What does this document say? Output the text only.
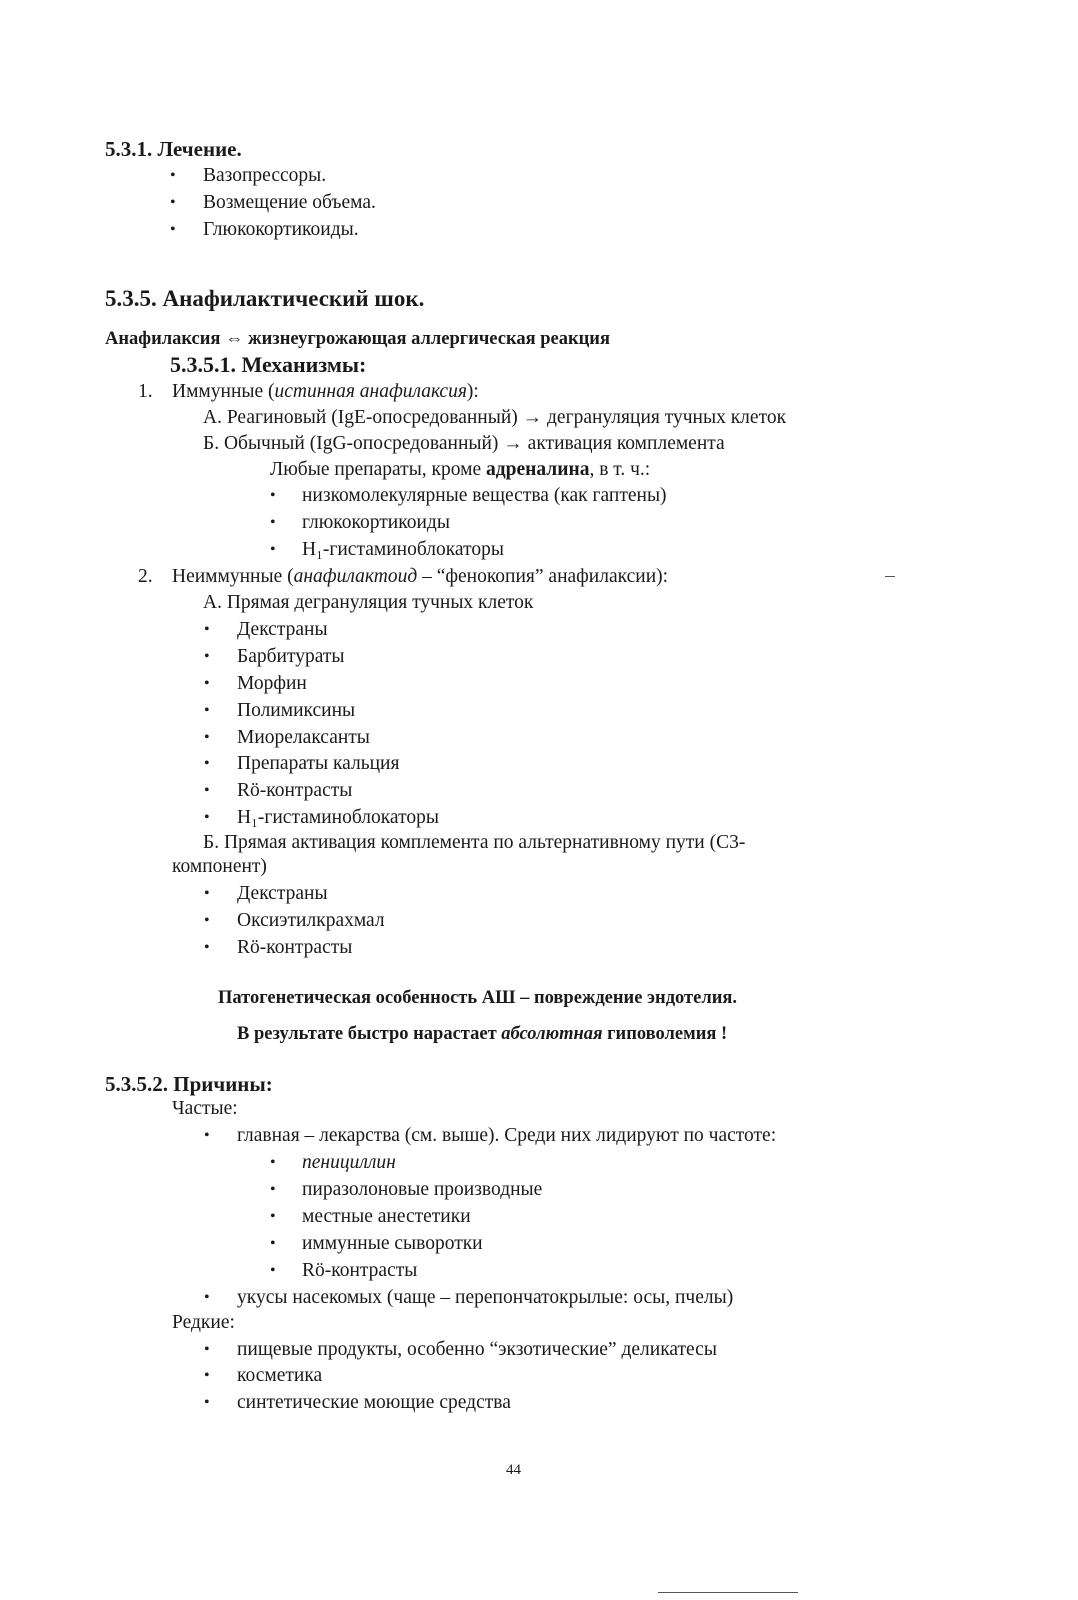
5.3.1. Лечение.
• Вазопрессоры.
• Возмещение объема.
• Глюкокортикоиды.
5.3.5. Анафилактический шок.
Анафилаксия ⇔ жизнеугрожающая аллергическая реакция
5.3.5.1. Механизмы:
1. Иммунные (истинная анафилаксия):
А. Реагиновый (IgE-опосредованный) → дегрануляция тучных клеток
Б. Обычный (IgG-опосредованный) → активация комплемента
Любые препараты, кроме адреналина, в т. ч.:
• низкомолекулярные вещества (как гаптены)
• глюкокортикоиды
• H₁-гистаминоблокаторы
2. Неиммунные (анафилактоид – “фенокопия” анафилаксии):
А. Прямая дегрануляция тучных клеток
• Декстраны
• Барбитураты
• Морфин
• Полимиксины
• Миорелаксанты
• Препараты кальция
• Rö-контрасты
• H₁-гистаминоблокаторы
Б. Прямая активация комплемента по альтернативному пути (С3-
компонент)
• Декстраны
• Оксиэтилкрахмал
• Rö-контрасты
Патогенетическая особенность АШ – повреждение эндотелия.
В результате быстро нарастает абсолютная гиповолемия !
5.3.5.2. Причины:
Частые:
• главная – лекарства (см. выше). Среди них лидируют по частоте:
• пенициллин
• пиразолоновые производные
• местные анестетики
• иммунные сыворотки
• Rö-контрасты
• укусы насекомых (чаще – перепончатокрылые: осы, пчелы)
Редкие:
• пищевые продукты, особенно “экзотические” деликатесы
• косметика
• синтетические моющие средства
44
